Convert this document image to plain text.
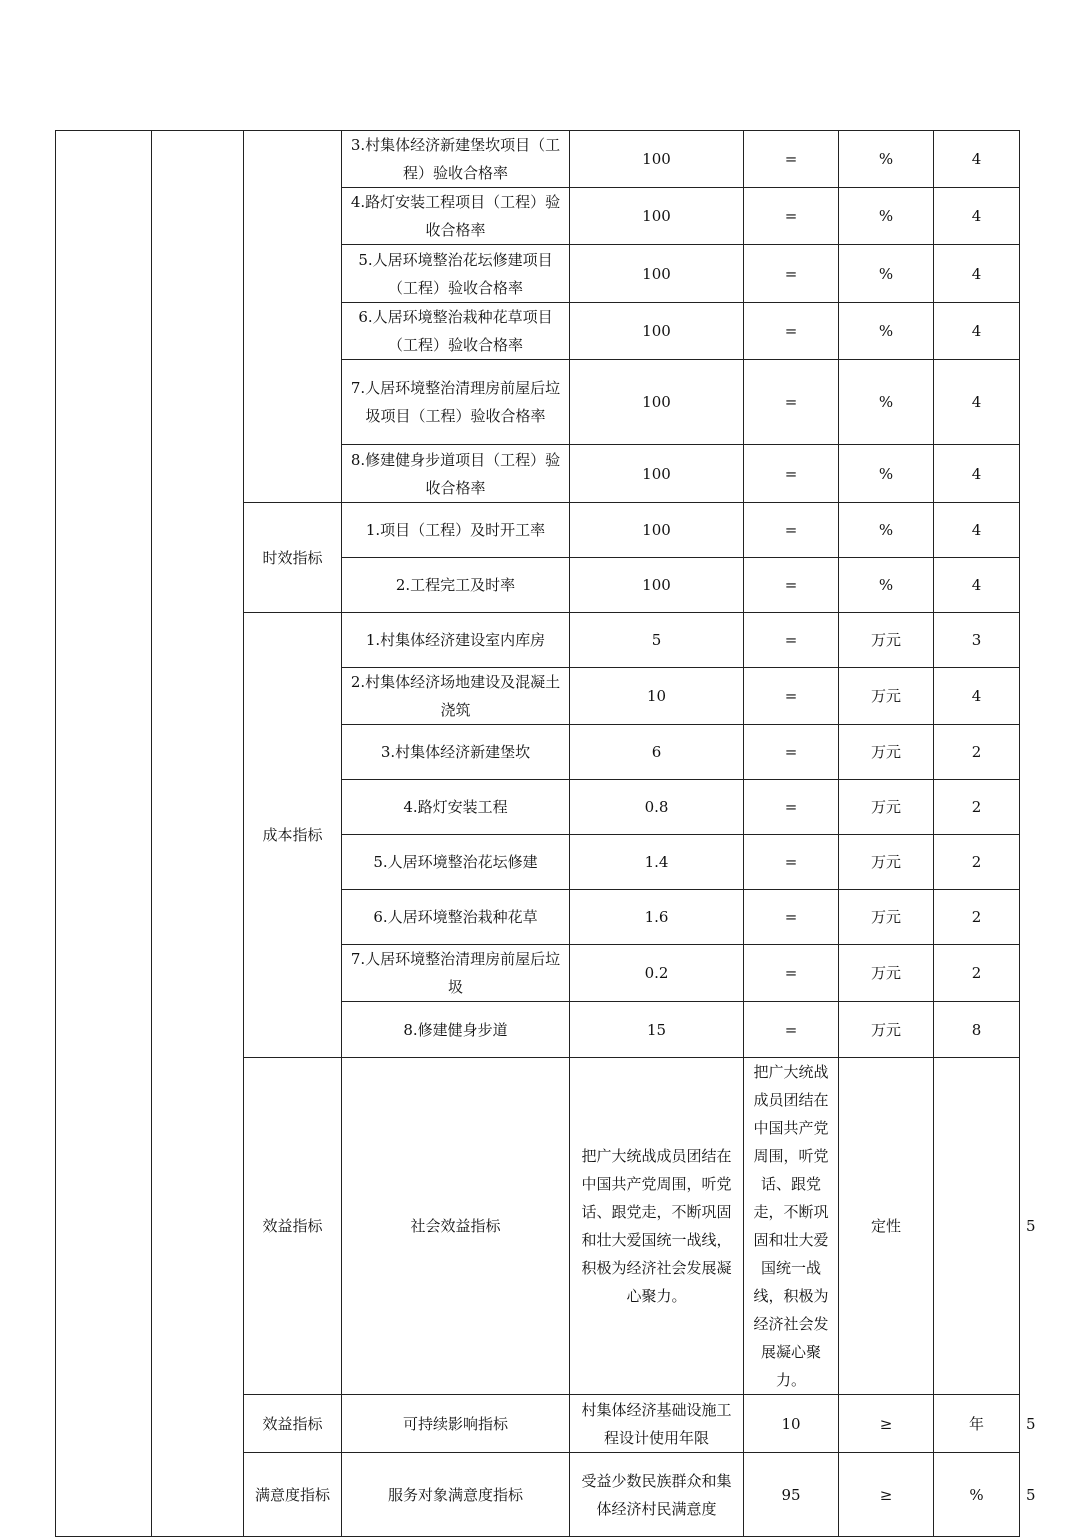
			3.村集体经济新建堡坎项目（工程）验收合格率	100	=	%	4	
			4.路灯安装工程项目（工程）验收合格率	100	=	%	4	
			5.人居环境整治花坛修建项目（工程）验收合格率	100	=	%	4	
			6.人居环境整治栽种花草项目（工程）验收合格率	100	=	%	4	
			7.人居环境整治清理房前屋后垃圾项目（工程）验收合格率	100	=	%	4	
			8.修建健身步道项目（工程）验收合格率	100	=	%	4	
		时效指标	1.项目（工程）及时开工率	100	=	%	4	
			2.工程完工及时率	100	=	%	4	
		成本指标	1.村集体经济建设室内库房	5	=	万元	3	
			2.村集体经济场地建设及混凝土浇筑	10	=	万元	4	
			3.村集体经济新建堡坎	6	=	万元	2	
			4.路灯安装工程	0.8	=	万元	2	
			5.人居环境整治花坛修建	1.4	=	万元	2	
			6.人居环境整治栽种花草	1.6	=	万元	2	
			7.人居环境整治清理房前屋后垃圾	0.2	=	万元	2	
			8.修建健身步道	15	=	万元	8	
		效益指标	社会效益指标	把广大统战成员团结在中国共产党周围，听党话、跟党走，不断巩固和壮大爱国统一战线，积极为经济社会发展凝心聚力。	把广大统战成员团结在中国共产党周围，听党话、跟党走，不断巩固和壮大爱国统一战线，积极为经济社会发展凝心聚力。	定性		5
		效益指标	可持续影响指标	村集体经济基础设施工程设计使用年限	10	≥	年	5
		满意度指标	服务对象满意度指标	受益少数民族群众和集体经济村民满意度	95	≥	%	5
